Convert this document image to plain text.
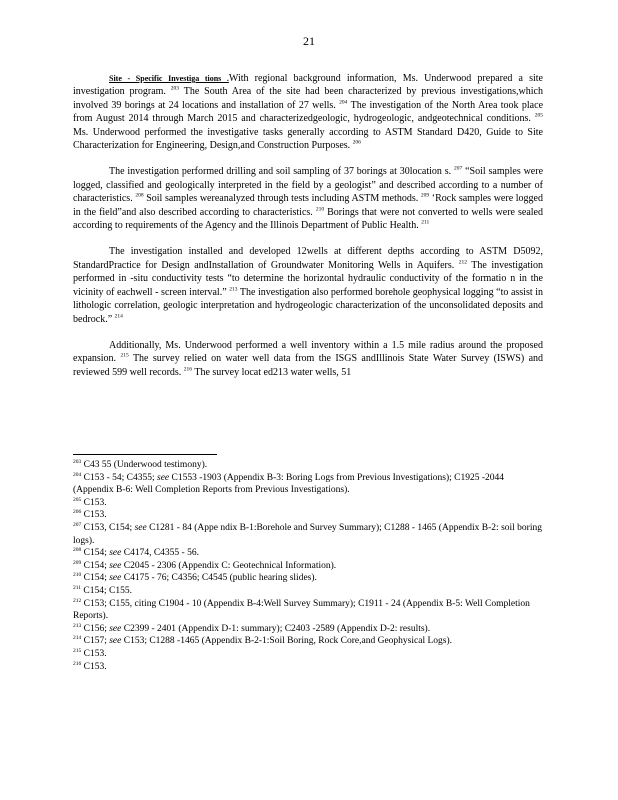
21

Site - Specific Investiga tions .With regional background information, Ms. Underwood prepared a site investigation program. $^{203}$ The South Area of the site had been characterized by previous investigations,which involved 39 borings at 24 locations and installation of 27 wells. $^{204}$ The investigation of the North Area took place from August 2014 through March 2015 and characterizedgeologic, hydrogeologic, andgeotechnical conditions. $^{205}$ Ms. Underwood performed the investigative tasks generally according to ASTM Standard D420, Guide to Site Characterization for Engineering, Design,and Construction Purposes. $^{206}$

The investigation performed drilling and soil sampling of 37 borings at 30location s. $^{207}$ “Soil samples were logged, classified and geologically interpreted in the field by a geologist” and described according to a number of characteristics. $^{208}$ Soil samples wereanalyzed through tests including ASTM methods. $^{209}$ ‘Rock samples were logged in the field”and also described according to characteristics. $^{210}$ Borings that were not converted to wells were sealed according to requirements of the Agency and the Illinois Department of Public Health. $^{211}$

The investigation installed and developed 12wells at different depths according to ASTM D5092, StandardPractice for Design andInstallation of Groundwater Monitoring Wells in Aquifers. $^{212}$ The investigation performed in -situ conductivity tests “to determine the horizontal hydraulic conductivity of the formatio n in the vicinity of eachwell - screen interval.” $^{213}$ The investigation also performed borehole geophysical logging “to assist in lithologic correlation, geologic interpretation and hydrogeologic characterization of the unconsolidated deposits and bedrock.” $^{214}$

Additionally, Ms. Underwood performed a well inventory within a 1.5 mile radius around the proposed expansion. $^{215}$ The survey relied on water well data from the ISGS andIllinois State Water Survey (ISWS) and reviewed 599 well records. $^{216}$ The survey locat ed213 water wells, 51

$^{203}$ C43 55 (Underwood testimony).

$^{204}$ C153 - 54; C4355; see C1553 -1903 (Appendix B-3: Boring Logs from Previous Investigations); C1925 -2044 (Appendix B-6: Well Completion Reports from Previous Investigations).

$^{205}$ C153.

$^{206}$ C153.

$^{207}$ C153, C154; see C1281 - 84 (Appe ndix B-1:Borehole and Survey Summary); C1288 - 1465 (Appendix B-2: soil boring logs).

$^{208}$ C154; see C4174, C4355 - 56.

$^{209}$ C154; see C2045 - 2306 (Appendix C: Geotechnical Information).

$^{210}$ C154; see C4175 - 76; C4356; C4545 (public hearing slides).

$^{211}$ C154; C155.

$^{212}$ C153; C155, citing C1904 - 10 (Appendix B-4:Well Survey Summary); C1911 - 24 (Appendix B-5: Well Completion Reports).

$^{213}$ C156; see C2399 - 2401 (Appendix D-1: summary); C2403 -2589 (Appendix D-2: results).

$^{214}$ C157; see C153; C1288 -1465 (Appendix B-2-1:Soil Boring, Rock Core,and Geophysical Logs).

$^{215}$ C153.

$^{216}$ C153.
